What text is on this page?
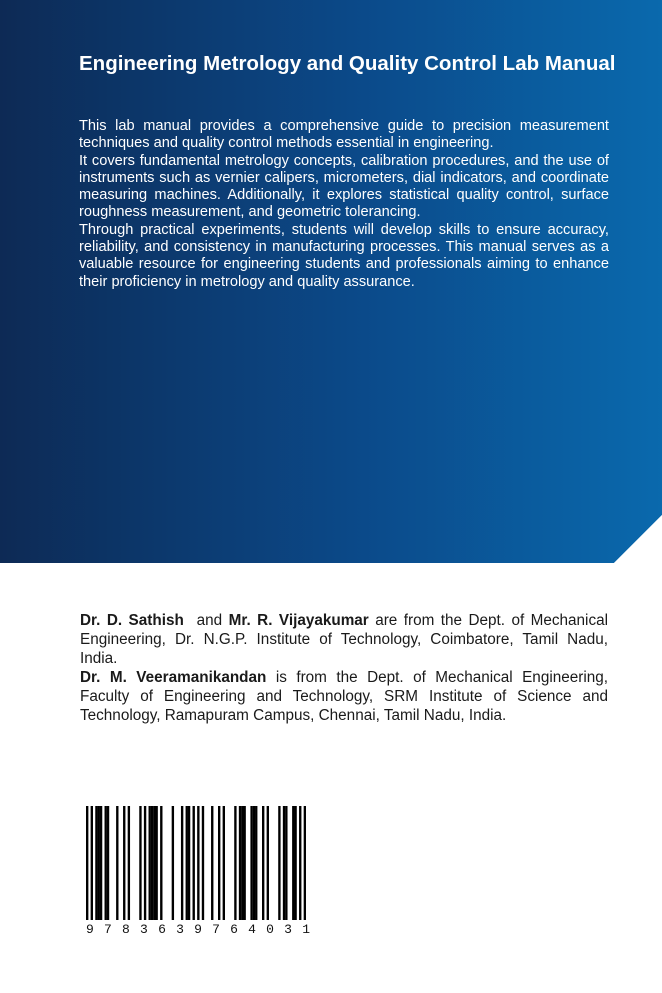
Engineering Metrology and Quality Control Lab Manual

This lab manual provides a comprehensive guide to precision measurement techniques and quality control methods essential in engineering.

It covers fundamental metrology concepts, calibration procedures, and the use of instruments such as vernier calipers, micrometers, dial indicators, and coordinate measuring machines. Additionally, it explores statistical quality control, surface roughness measurement, and geometric tolerancing.

Through practical experiments, students will develop skills to ensure accuracy, reliability, and consistency in manufacturing processes. This manual serves as a valuable resource for engineering students and professionals aiming to enhance their proficiency in metrology and quality assurance.

Dr. D. Sathish and Mr. R. Vijayakumar are from the Dept. of Mechanical Engineering, Dr. N.G.P. Institute of Technology, Coimbatore, Tamil Nadu, India.

Dr. M. Veeramanikandan is from the Dept. of Mechanical Engineering, Faculty of Engineering and Technology, SRM Institute of Science and Technology, Ramapuram Campus, Chennai, Tamil Nadu, India.

9 7 8 3 6 3 9 7 6 4 0 3 1
